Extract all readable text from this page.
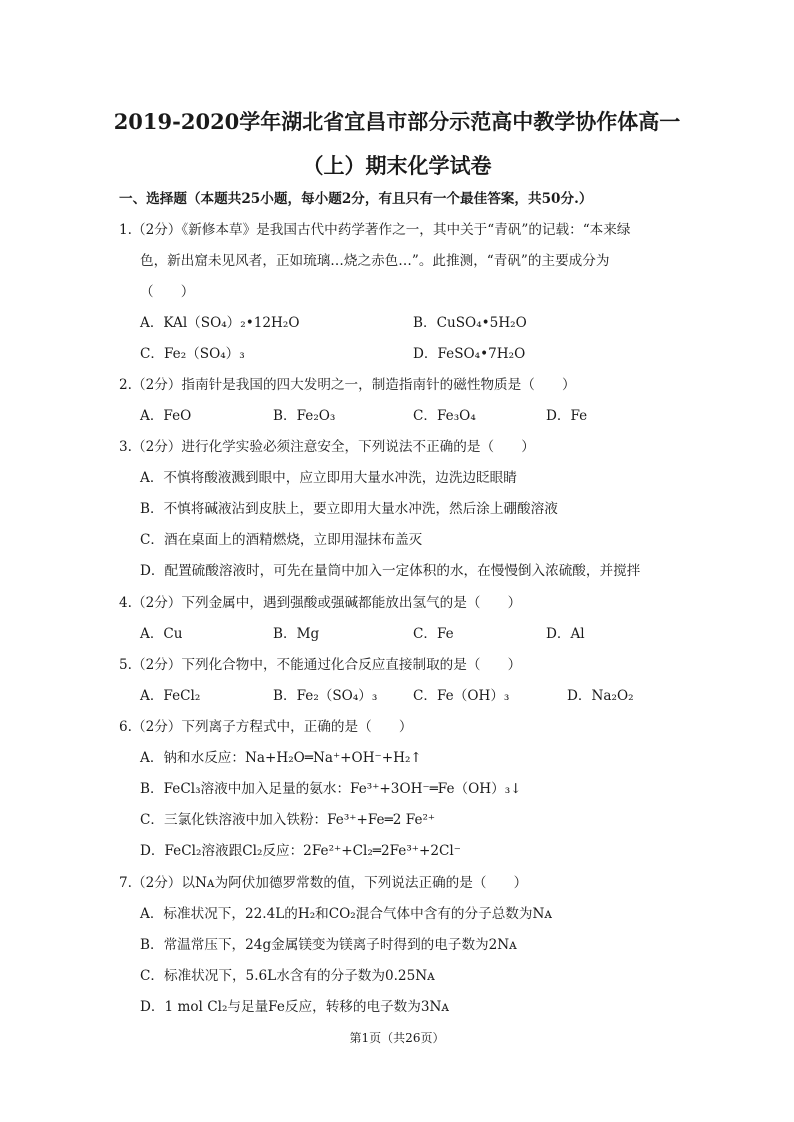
2019-2020学年湖北省宜昌市部分示范高中教学协作体高一
（上）期末化学试卷
一、选择题（本题共25小题，每小题2分，有且只有一个最佳答案，共50分.）
1.（2分）《新修本草》是我国古代中药学著作之一，其中关于“青矾”的记载：“本来绿
色，新出窟未见风者，正如琉璃…烧之赤色…”。此推测，“青矾”的主要成分为
（　　）
A．KAl（SO₄）₂•12H₂O	B．CuSO₄•5H₂O
C．Fe₂（SO₄）₃	D．FeSO₄•7H₂O
2.（2分）指南针是我国的四大发明之一，制造指南针的磁性物质是（　　）
A．FeO	B．Fe₂O₃	C．Fe₃O₄	D．Fe
3.（2分）进行化学实验必须注意安全，下列说法不正确的是（　　）
A．不慎将酸液溅到眼中，应立即用大量水冲洗，边洗边眨眼睛
B．不慎将碱液沾到皮肤上，要立即用大量水冲洗，然后涂上硼酸溶液
C．酒在桌面上的酒精燃烧，立即用湿抹布盖灭
D．配置硫酸溶液时，可先在量筒中加入一定体积的水，在慢慢倒入浓硫酸，并搅拌
4.（2分）下列金属中，遇到强酸或强碱都能放出氢气的是（　　）
A．Cu	B．Mg	C．Fe	D．Al
5.（2分）下列化合物中，不能通过化合反应直接制取的是（　　）
A．FeCl₂	B．Fe₂（SO₄）₃	C．Fe（OH）₃	D．Na₂O₂
6.（2分）下列离子方程式中，正确的是（　　）
A．钠和水反应：Na+H₂O═Na⁺+OH⁻+H₂↑
B．FeCl₃溶液中加入足量的氨水：Fe³⁺+3OH⁻═Fe（OH）₃↓
C．三氯化铁溶液中加入铁粉：Fe³⁺+Fe═2 Fe²⁺
D．FeCl₂溶液跟Cl₂反应：2Fe²⁺+Cl₂═2Fe³⁺+2Cl⁻
7.（2分）以Nᴀ为阿伏加德罗常数的值，下列说法正确的是（　　）
A．标准状况下，22.4L的H₂和CO₂混合气体中含有的分子总数为Nᴀ
B．常温常压下，24g金属镁变为镁离子时得到的电子数为2Nᴀ
C．标准状况下，5.6L水含有的分子数为0.25Nᴀ
D．1 mol Cl₂与足量Fe反应，转移的电子数为3Nᴀ
第1页（共26页）
